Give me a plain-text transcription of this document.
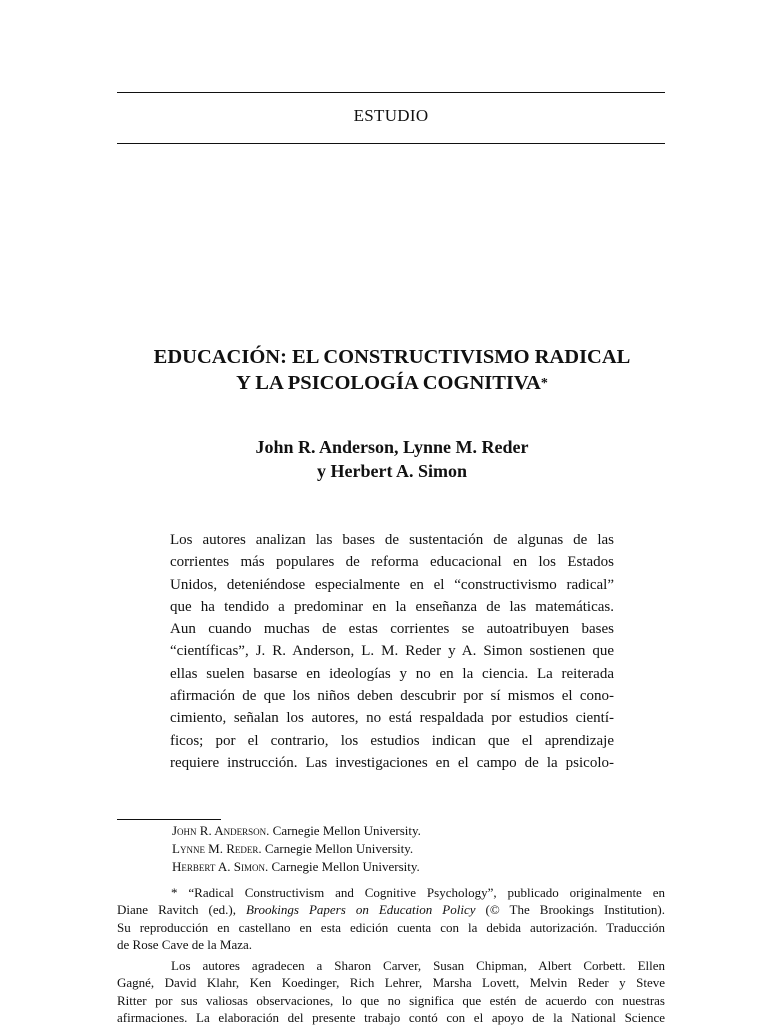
ESTUDIO
EDUCACIÓN: EL CONSTRUCTIVISMO RADICAL
Y LA PSICOLOGÍA COGNITIVA*
John R. Anderson, Lynne M. Reder
y Herbert A. Simon
Los autores analizan las bases de sustentación de algunas de las
corrientes más populares de reforma educacional en los Estados
Unidos, deteniéndose especialmente en el “constructivismo radical”
que ha tendido a predominar en la enseñanza de las matemáticas.
Aun cuando muchas de estas corrientes se autoatribuyen bases
“científicas”, J. R. Anderson, L. M. Reder y A. Simon sostienen que
ellas suelen basarse en ideologías y no en la ciencia. La reiterada
afirmación de que los niños deben descubrir por sí mismos el cono-
cimiento, señalan los autores, no está respaldada por estudios cientí-
ficos; por el contrario, los estudios indican que el aprendizaje
requiere instrucción. Las investigaciones en el campo de la psicolo-
John R. Anderson. Carnegie Mellon University.
Lynne M. Reder. Carnegie Mellon University.
Herbert A. Simon. Carnegie Mellon University.
* “Radical Constructivism and Cognitive Psychology”, publicado originalmente en
Diane Ravitch (ed.), Brookings Papers on Education Policy (© The Brookings Institution).
Su reproducción en castellano en esta edición cuenta con la debida autorización. Traducción
de Rose Cave de la Maza.
Los autores agradecen a Sharon Carver, Susan Chipman, Albert Corbett. Ellen
Gagné, David Klahr, Ken Koedinger, Rich Lehrer, Marsha Lovett, Melvin Reder y Steve
Ritter por sus valiosas observaciones, lo que no significa que estén de acuerdo con nuestras
afirmaciones. La elaboración del presente trabajo contó con el apoyo de la National Science
